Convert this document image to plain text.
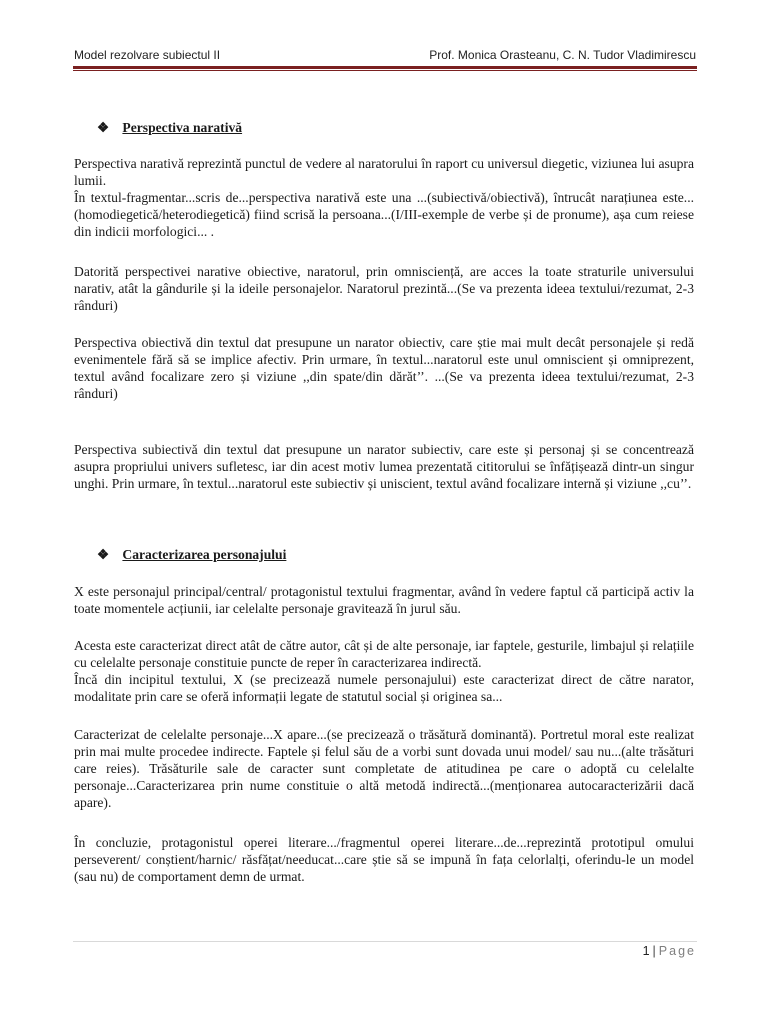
Model rezolvare subiectul II	Prof. Monica Orasteanu, C. N. Tudor Vladimirescu
❖ Perspectiva narativă

Perspectiva narativă reprezintă punctul de vedere al naratorului în raport cu universul diegetic, viziunea lui asupra lumii.

În textul-fragmentar...scris de...perspectiva narativă este una ...(subiectivă/obiectivă), întrucât narațiunea este...(homodiegetică/heterodiegetică) fiind scrisă la persoana...(I/III-exemple de verbe și de pronume), așa cum reiese din indicii morfologici... .

Datorită perspectivei narative obiective, naratorul, prin omnisciență, are acces la toate straturile universului narativ, atât la gândurile și la ideile personajelor. Naratorul prezintă...(Se va prezenta ideea textului/rezumat, 2-3 rânduri)

Perspectiva obiectivă din textul dat presupune un narator obiectiv, care știe mai mult decât personajele și redă evenimentele fără să se implice afectiv. Prin urmare, în textul...naratorul este unul omniscient și omniprezent, textul având focalizare zero și viziune ,,din spate/din dărăt’’. ...(Se va prezenta ideea textului/rezumat, 2-3 rânduri)

Perspectiva subiectivă din textul dat presupune un narator subiectiv, care este și personaj și se concentrează asupra propriului univers sufletesc, iar din acest motiv lumea prezentată cititorului se înfățișează dintr-un singur unghi. Prin urmare, în textul...naratorul este subiectiv și uniscient, textul având focalizare internă și viziune ,,cu’’.

❖ Caracterizarea personajului

X este personajul principal/central/ protagonistul textului fragmentar, având în vedere faptul că participă activ la toate momentele acțiunii, iar celelalte personaje gravitează în jurul său.

Acesta este caracterizat direct atât de către autor, cât și de alte personaje, iar faptele, gesturile, limbajul și relațiile cu celelalte personaje constituie puncte de reper în caracterizarea indirectă.

Încă din incipitul textului, X (se precizează numele personajului) este caracterizat direct de către narator, modalitate prin care se oferă informații legate de statutul social și originea sa...

Caracterizat de celelalte personaje...X apare...(se precizează o trăsătură dominantă). Portretul moral este realizat prin mai multe procedee indirecte. Faptele și felul său de a vorbi sunt dovada unui model/ sau nu...(alte trăsături care reies). Trăsăturile sale de caracter sunt completate de atitudinea pe care o adoptă cu celelalte personaje...Caracterizarea prin nume constituie o altă metodă indirectă...(menționarea autocaracterizării dacă apare).

În concluzie, protagonistul operei literare.../fragmentul operei literare...de...reprezintă prototipul omului perseverent/ conștient/harnic/ răsfățat/needucat...care știe să se impună în fața celorlalți, oferindu-le un model (sau nu) de comportament demn de urmat.

1 | Page
